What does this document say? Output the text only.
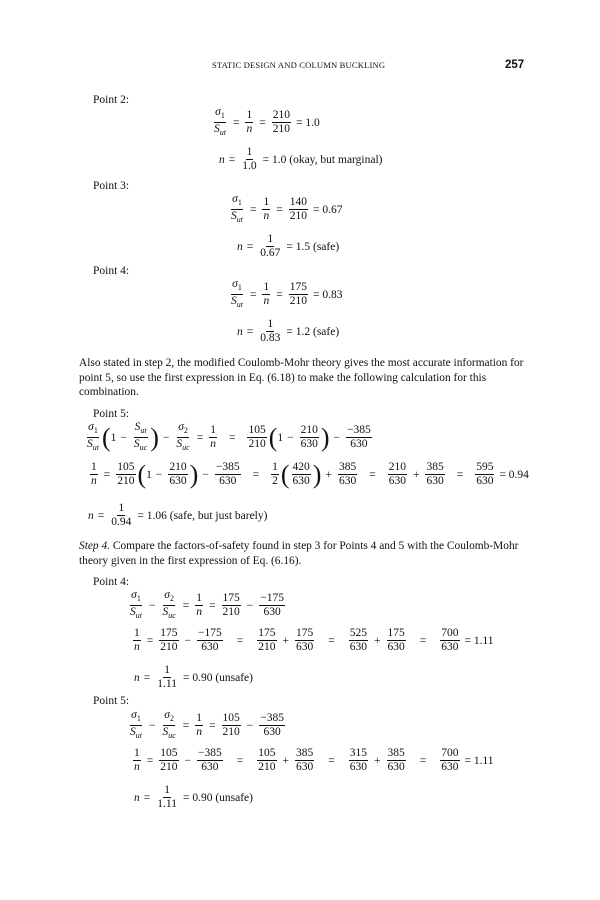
STATIC DESIGN AND COLUMN BUCKLING	257
Point 2:
$\frac{\sigma_1}{S_{ut}} = \frac{1}{n} = \frac{210}{210} = 1.0$
$n = \frac{1}{1.0} = 1.0$ (okay, but marginal)
Point 3:
$\frac{\sigma_1}{S_{ut}} = \frac{1}{n} = \frac{140}{210} = 0.67$
$n = \frac{1}{0.67} = 1.5$ (safe)
Point 4:
$\frac{\sigma_1}{S_{ut}} = \frac{1}{n} = \frac{175}{210} = 0.83$
$n = \frac{1}{0.83} = 1.2$ (safe)
Also stated in step 2, the modified Coulomb-Mohr theory gives the most accurate information for point 5, so use the first expression in Eq. (6.18) to make the following calculation for this combination.
Point 5:
$\frac{\sigma_1}{S_{ut}}$ ( $1 - \frac{S_{ut}}{S_{uc}}$ ) − $\frac{\sigma_2}{S_{uc}} = \frac{1}{n} = \frac{105}{210}$ ( $1 - \frac{210}{630}$ ) − $\frac{-385}{630}$
$\frac{1}{n} = \frac{105}{210}$ ( $1 - \frac{210}{630}$ ) − $\frac{-385}{630} = \frac{1}{2}$ ( $\frac{420}{630}$ ) + $\frac{385}{630} = \frac{210}{630} + \frac{385}{630} = \frac{595}{630} = 0.94$
$n = \frac{1}{0.94} = 1.06$ (safe, but just barely)
Step 4. Compare the factors-of-safety found in step 3 for Points 4 and 5 with the Coulomb-Mohr theory given in the first expression of Eq. (6.16).
Point 4:
$\frac{\sigma_1}{S_{ut}} - \frac{\sigma_2}{S_{uc}} = \frac{1}{n} = \frac{175}{210} - \frac{-175}{630}$
$\frac{1}{n} = \frac{175}{210} - \frac{-175}{630} = \frac{175}{210} + \frac{175}{630} = \frac{525}{630} + \frac{175}{630} = \frac{700}{630} = 1.11$
$n = \frac{1}{1.11} = 0.90$ (unsafe)
Point 5:
$\frac{\sigma_1}{S_{ut}} - \frac{\sigma_2}{S_{uc}} = \frac{1}{n} = \frac{105}{210} - \frac{-385}{630}$
$\frac{1}{n} = \frac{105}{210} - \frac{-385}{630} = \frac{105}{210} + \frac{385}{630} = \frac{315}{630} + \frac{385}{630} = \frac{700}{630} = 1.11$
$n = \frac{1}{1.11} = 0.90$ (unsafe)
